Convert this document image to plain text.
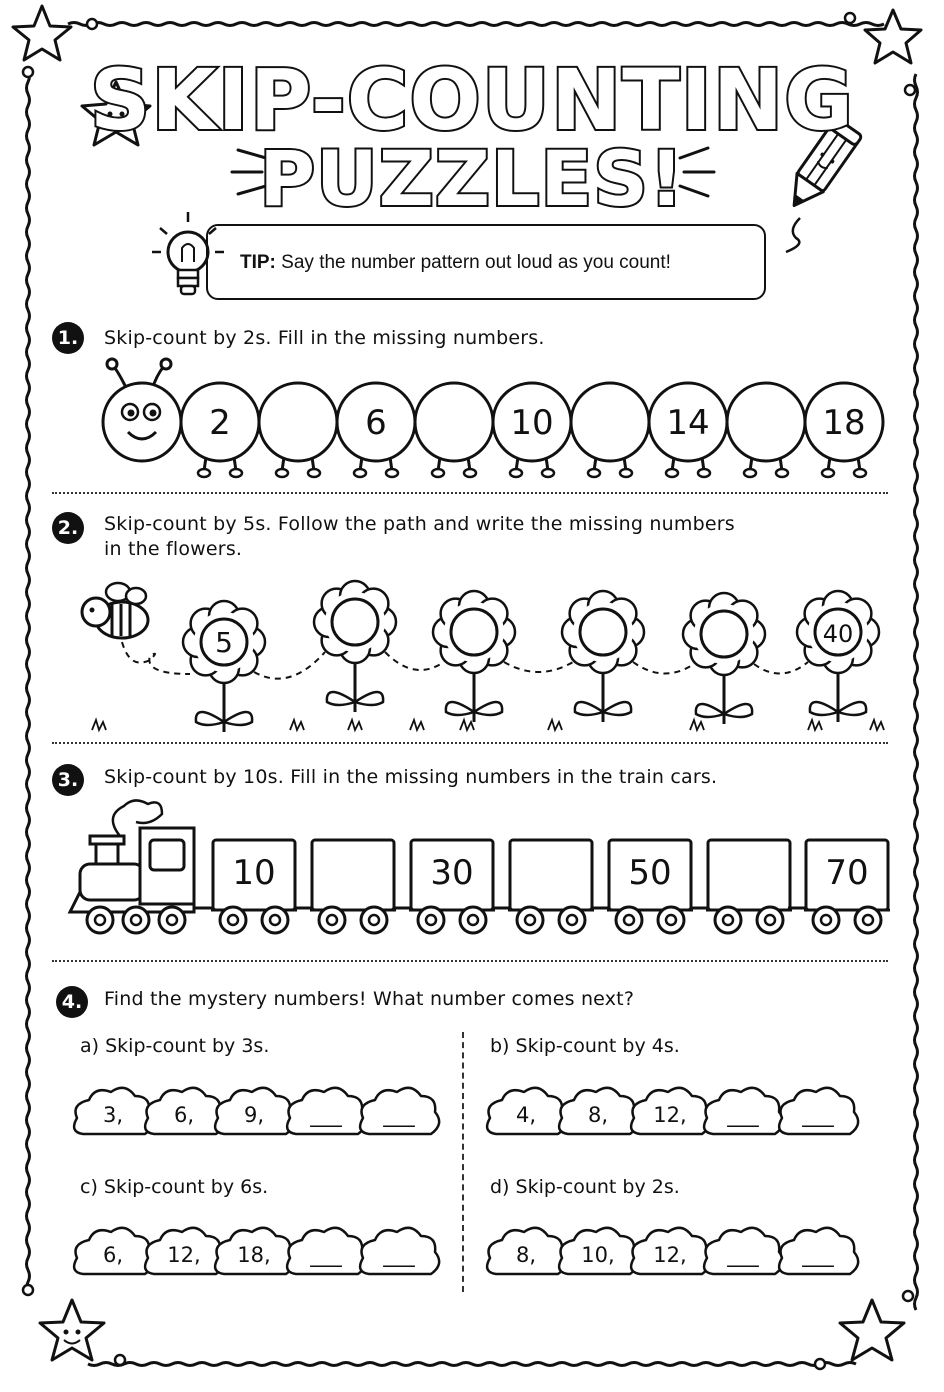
SKIP-COUNTING
PUZZLES!
TIP: Say the number pattern out loud as you count!
1.	Skip-count by 2s. Fill in the missing numbers.
18
14
10
6
2
2.	Skip-count by 5s. Follow the path and write the missing numbers
in the flowers.
5	40
3.	Skip-count by 10s. Fill in the missing numbers in the train cars.
10	30	50	70
4.	Find the mystery numbers! What number comes next?
a) Skip-count by 3s.	b) Skip-count by 4s.
c) Skip-count by 6s.	d) Skip-count by 2s.
3, 6, 9, ___ ___	4, 8, 12, ___ ___
6, 12, 18, ___ ___	8, 10, 12, ___ ___
